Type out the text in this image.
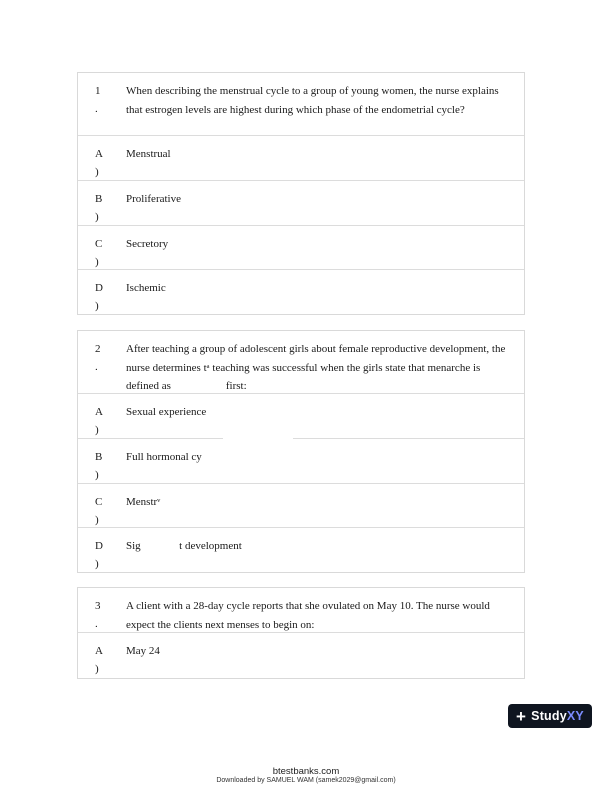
1
.
When describing the menstrual cycle to a group of young women, the nurse explains that estrogen levels are highest during which phase of the endometrial cycle?
A
)
Menstrual
B
)
Proliferative
C
)
Secretory
D
)
Ischemic
2
.
After teaching a group of adolescent girls about female reproductive development, the nurse determines tᵃ teaching was successful when the girls state that menarche is defined as                    first:
A
)
Sexual experience
B
)
Full hormonal cy
C
)
Menstrᵛ
D
)
Sig              t development
3
.
A client with a 28-day cycle reports that she ovulated on May 10. The nurse would expect the clients next menses to begin on:
A
)
May 24
+ Study XY
btestbanks.com
Downloaded by SAMUEL WAM (samek2029@gmail.com)
